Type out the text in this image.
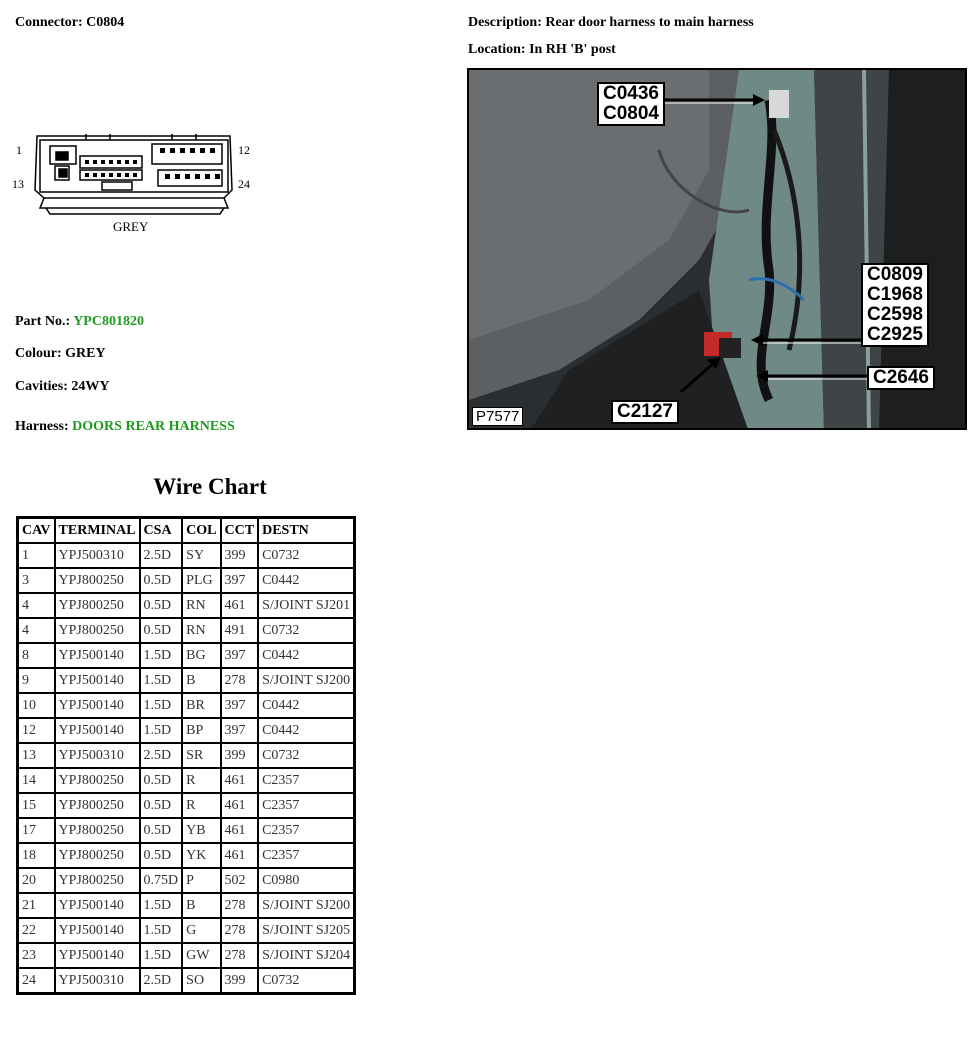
Connector: C0804	Description: Rear door harness to main harness
Location: In RH 'B' post
1	12
13	24
GREY
Part No.: YPC801820
Colour: GREY
Cavities: 24WY
Harness: DOORS REAR HARNESS
C0436
C0804
C0809
C1968
C2598
C2925
C2646
C2127
P7577
Wire Chart
CAV	TERMINAL	CSA	COL	CCT	DESTN
1	YPJ500310	2.5D	SY	399	C0732
3	YPJ800250	0.5D	PLG	397	C0442
4	YPJ800250	0.5D	RN	461	S/JOINT SJ201
4	YPJ800250	0.5D	RN	491	C0732
8	YPJ500140	1.5D	BG	397	C0442
9	YPJ500140	1.5D	B	278	S/JOINT SJ200
10	YPJ500140	1.5D	BR	397	C0442
12	YPJ500140	1.5D	BP	397	C0442
13	YPJ500310	2.5D	SR	399	C0732
14	YPJ800250	0.5D	R	461	C2357
15	YPJ800250	0.5D	R	461	C2357
17	YPJ800250	0.5D	YB	461	C2357
18	YPJ800250	0.5D	YK	461	C2357
20	YPJ800250	0.75D	P	502	C0980
21	YPJ500140	1.5D	B	278	S/JOINT SJ200
22	YPJ500140	1.5D	G	278	S/JOINT SJ205
23	YPJ500140	1.5D	GW	278	S/JOINT SJ204
24	YPJ500310	2.5D	SO	399	C0732
